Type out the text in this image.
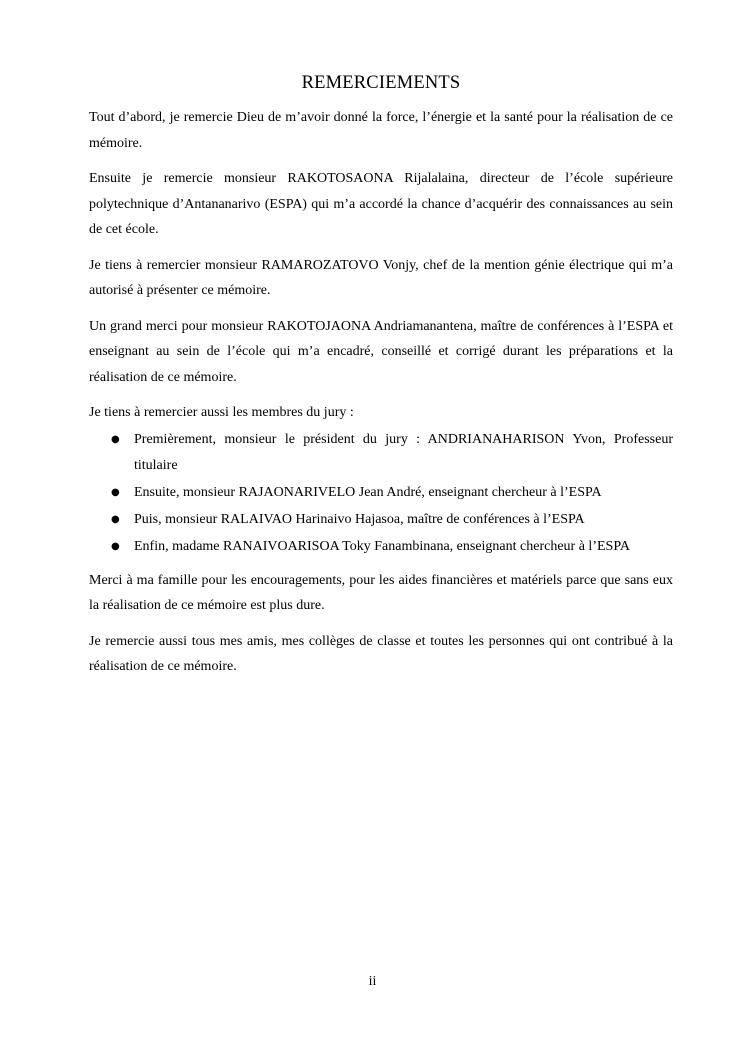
REMERCIEMENTS

Tout d’abord, je remercie Dieu de m’avoir donné la force, l’énergie et la santé pour la réalisation de ce mémoire.

Ensuite je remercie monsieur RAKOTOSAONA Rijalalaina, directeur de l’école supérieure polytechnique d’Antananarivo (ESPA) qui m’a accordé la chance d’acquérir des connaissances au sein de cet école.

Je tiens à remercier monsieur RAMAROZATOVO Vonjy, chef de la mention génie électrique qui m’a autorisé à présenter ce mémoire.

Un grand merci pour monsieur RAKOTOJAONA Andriamanantena, maître de conférences à l’ESPA et enseignant au sein de l’école qui m’a encadré, conseillé et corrigé durant les préparations et la réalisation de ce mémoire.

Je tiens à remercier aussi les membres du jury :

● Premièrement, monsieur le président du jury : ANDRIANAHARISON Yvon, Professeur titulaire
● Ensuite, monsieur RAJAONARIVELO Jean André, enseignant chercheur à l’ESPA
● Puis, monsieur RALAIVAO Harinaivo Hajasoa, maître de conférences à l’ESPA
● Enfin, madame RANAIVOARISOA Toky Fanambinana, enseignant chercheur à l’ESPA

Merci à ma famille pour les encouragements, pour les aides financières et matériels parce que sans eux la réalisation de ce mémoire est plus dure.

Je remercie aussi tous mes amis, mes collèges de classe et toutes les personnes qui ont contribué à la réalisation de ce mémoire.

ii
